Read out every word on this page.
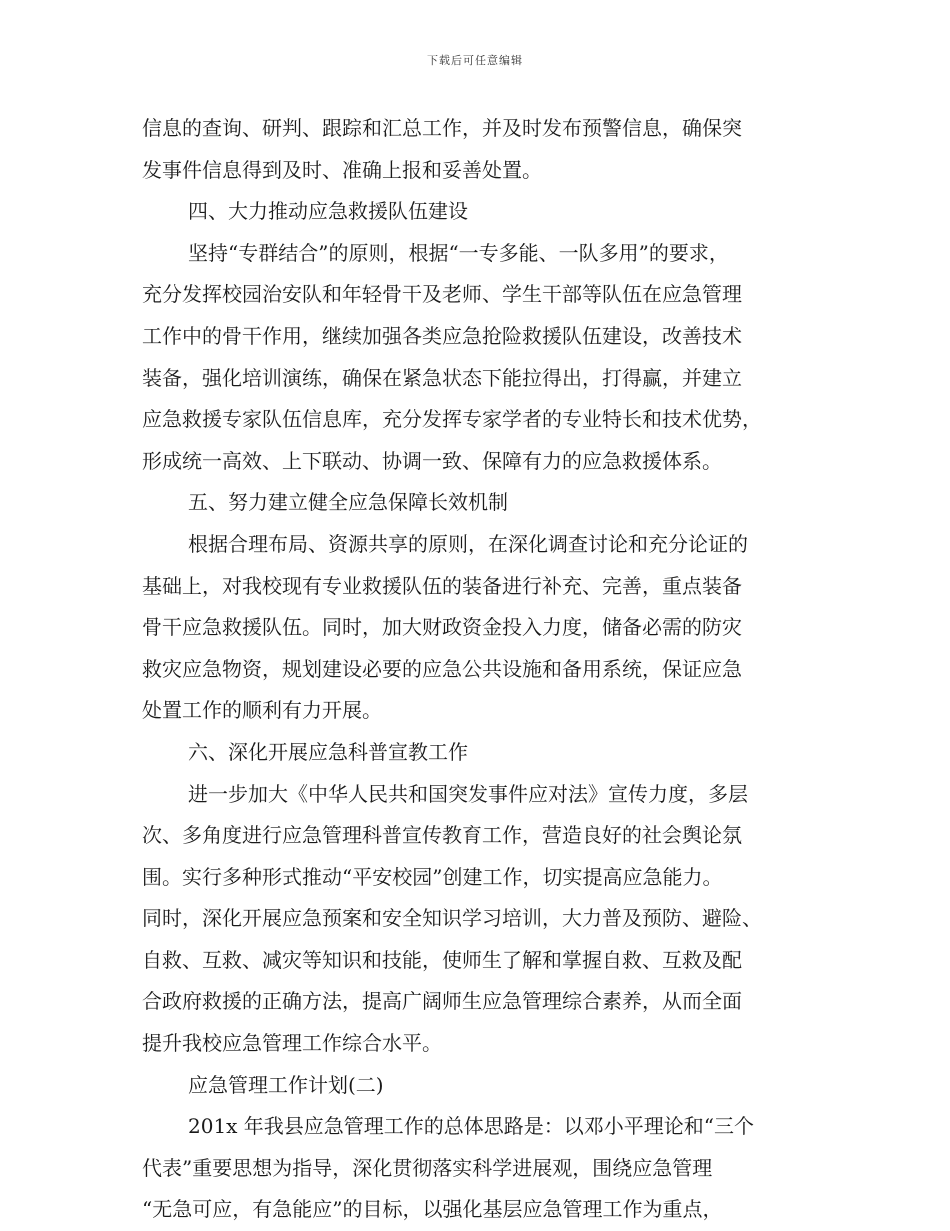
下载后可任意编辑
信息的查询、研判、跟踪和汇总工作，并及时发布预警信息，确保突
发事件信息得到及时、准确上报和妥善处置。
四、大力推动应急救援队伍建设
坚持“专群结合”的原则，根据“一专多能、一队多用”的要求，
充分发挥校园治安队和年轻骨干及老师、学生干部等队伍在应急管理
工作中的骨干作用，继续加强各类应急抢险救援队伍建设，改善技术
装备，强化培训演练，确保在紧急状态下能拉得出，打得赢，并建立
应急救援专家队伍信息库，充分发挥专家学者的专业特长和技术优势，
形成统一高效、上下联动、协调一致、保障有力的应急救援体系。
五、努力建立健全应急保障长效机制
根据合理布局、资源共享的原则，在深化调查讨论和充分论证的
基础上，对我校现有专业救援队伍的装备进行补充、完善，重点装备
骨干应急救援队伍。同时，加大财政资金投入力度，储备必需的防灾
救灾应急物资，规划建设必要的应急公共设施和备用系统，保证应急
处置工作的顺利有力开展。
六、深化开展应急科普宣教工作
进一步加大《中华人民共和国突发事件应对法》宣传力度，多层
次、多角度进行应急管理科普宣传教育工作，营造良好的社会舆论氛
围。实行多种形式推动“平安校园”创建工作，切实提高应急能力。
同时，深化开展应急预案和安全知识学习培训，大力普及预防、避险、
自救、互救、减灾等知识和技能，使师生了解和掌握自救、互救及配
合政府救援的正确方法，提高广阔师生应急管理综合素养，从而全面
提升我校应急管理工作综合水平。
应急管理工作计划(二)
201x 年我县应急管理工作的总体思路是：以邓小平理论和“三个
代表”重要思想为指导，深化贯彻落实科学进展观，围绕应急管理
“无急可应，有急能应”的目标，以强化基层应急管理工作为重点，
